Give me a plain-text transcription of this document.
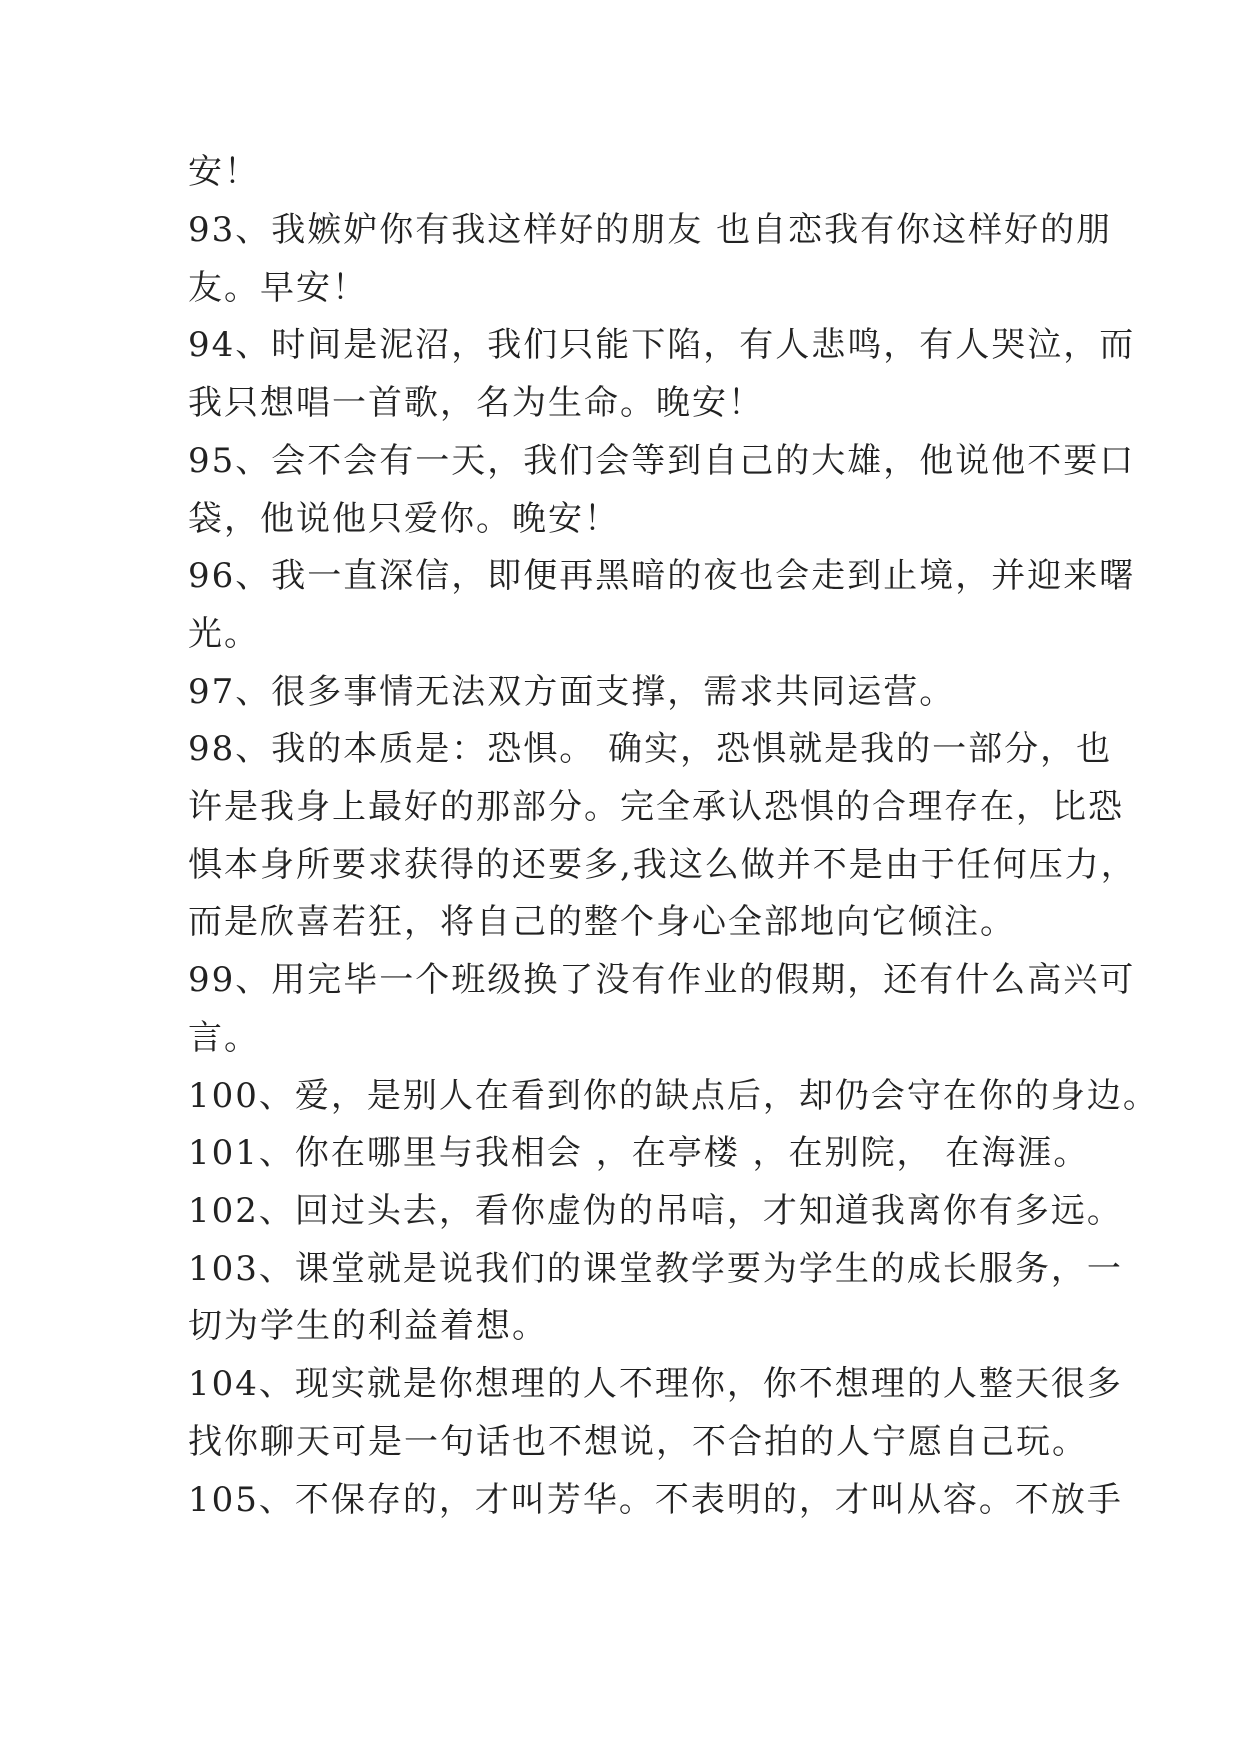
安！
93、我嫉妒你有我这样好的朋友 也自恋我有你这样好的朋
友。早安！
94、时间是泥沼，我们只能下陷，有人悲鸣，有人哭泣，而
我只想唱一首歌，名为生命。晚安！
95、会不会有一天，我们会等到自己的大雄，他说他不要口
袋，他说他只爱你。晚安！
96、我一直深信，即便再黑暗的夜也会走到止境，并迎来曙
光。
97、很多事情无法双方面支撑，需求共同运营。
98、我的本质是：恐惧。 确实，恐惧就是我的一部分，也
许是我身上最好的那部分。完全承认恐惧的合理存在，比恐
惧本身所要求获得的还要多,我这么做并不是由于任何压力，
而是欣喜若狂，将自己的整个身心全部地向它倾注。
99、用完毕一个班级换了没有作业的假期，还有什么高兴可
言。
100、爱，是别人在看到你的缺点后，却仍会守在你的身边。
101、你在哪里与我相会 ，在亭楼 ，在别院， 在海涯。
102、回过头去，看你虚伪的吊唁，才知道我离你有多远。
103、课堂就是说我们的课堂教学要为学生的成长服务，一
切为学生的利益着想。
104、现实就是你想理的人不理你，你不想理的人整天很多
找你聊天可是一句话也不想说，不合拍的人宁愿自己玩。
105、不保存的，才叫芳华。不表明的，才叫从容。不放手
